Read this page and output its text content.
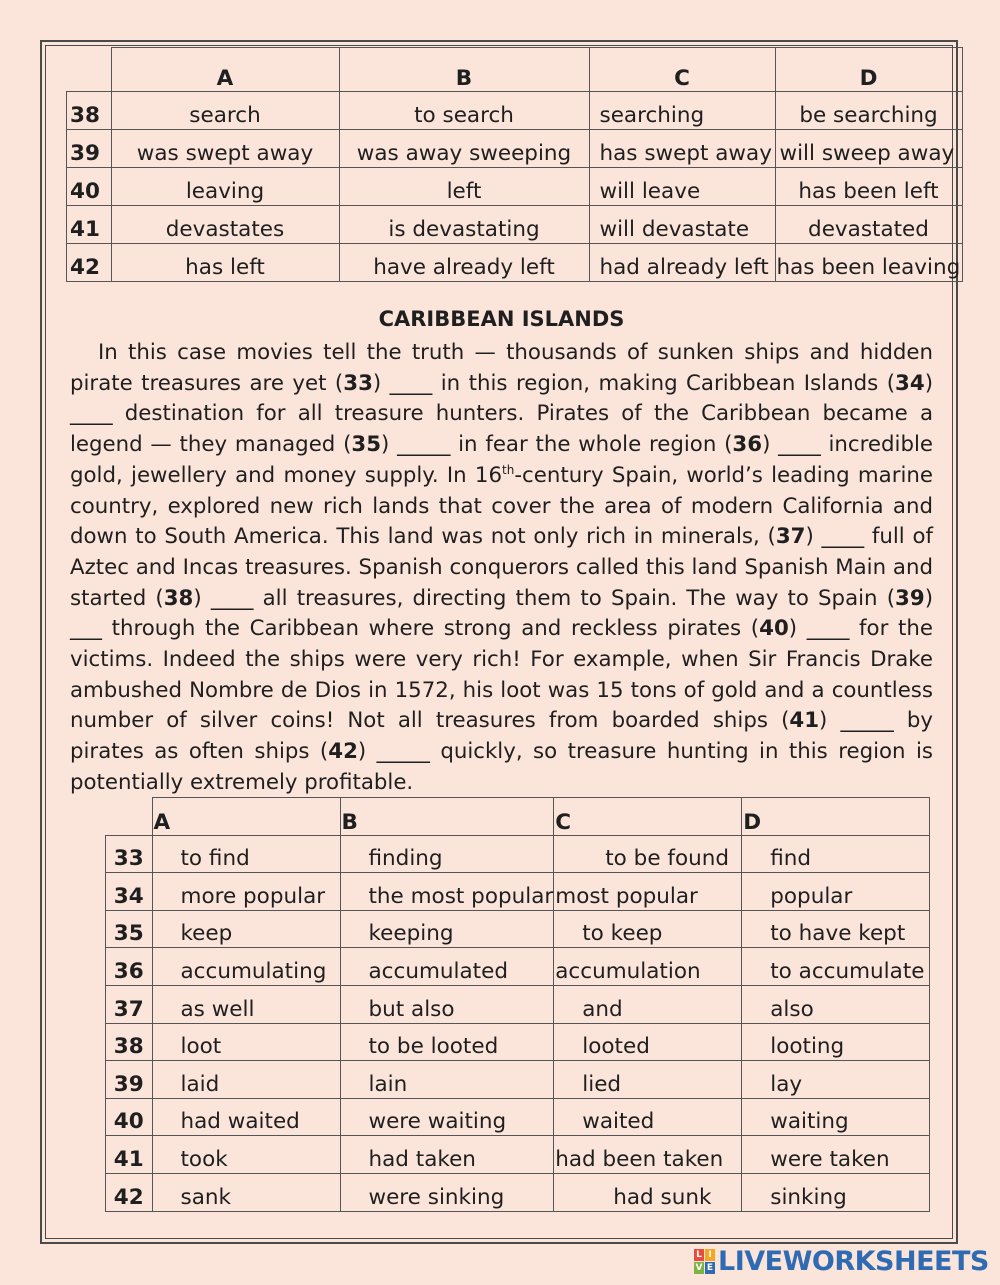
	A	B	C	D
38	search	to search	searching	be searching
39	was swept away	was away sweeping	has swept away	will sweep away
40	leaving	left	will leave	has been left
41	devastates	is devastating	will devastate	devastated
42	has left	have already left	had already left	has been leaving
CARIBBEAN ISLANDS

In this case movies tell the truth — thousands of sunken ships and hidden pirate treasures are yet (33) ____ in this region, making Caribbean Islands (34) ____ destination for all treasure hunters. Pirates of the Caribbean became a legend — they managed (35) _____ in fear the whole region (36) ____ incredible gold, jewellery and money supply. In 16th-century Spain, world’s leading marine country, explored new rich lands that cover the area of modern California and down to South America. This land was not only rich in minerals, (37) ____ full of Aztec and Incas treasures. Spanish conquerors called this land Spanish Main and started (38) ____ all treasures, directing them to Spain. The way to Spain (39) ___ through the Caribbean where strong and reckless pirates (40) ____ for the victims. Indeed the ships were very rich! For example, when Sir Francis Drake ambushed Nombre de Dios in 1572, his loot was 15 tons of gold and a countless number of silver coins! Not all treasures from boarded ships (41) _____ by pirates as often ships (42) _____ quickly, so treasure hunting in this region is potentially extremely profitable.

	A	B	C	D
33	to find	finding	to be found	find
34	more popular	the most popular	most popular	popular
35	keep	keeping	to keep	to have kept
36	accumulating	accumulated	accumulation	to accumulate
37	as well	but also	and	also
38	loot	to be looted	looted	looting
39	laid	lain	lied	lay
40	had waited	were waiting	waited	waiting
41	took	had taken	had been taken	were taken
42	sank	were sinking	had sunk	sinking
L I
V E LIVEWORKSHEETS
